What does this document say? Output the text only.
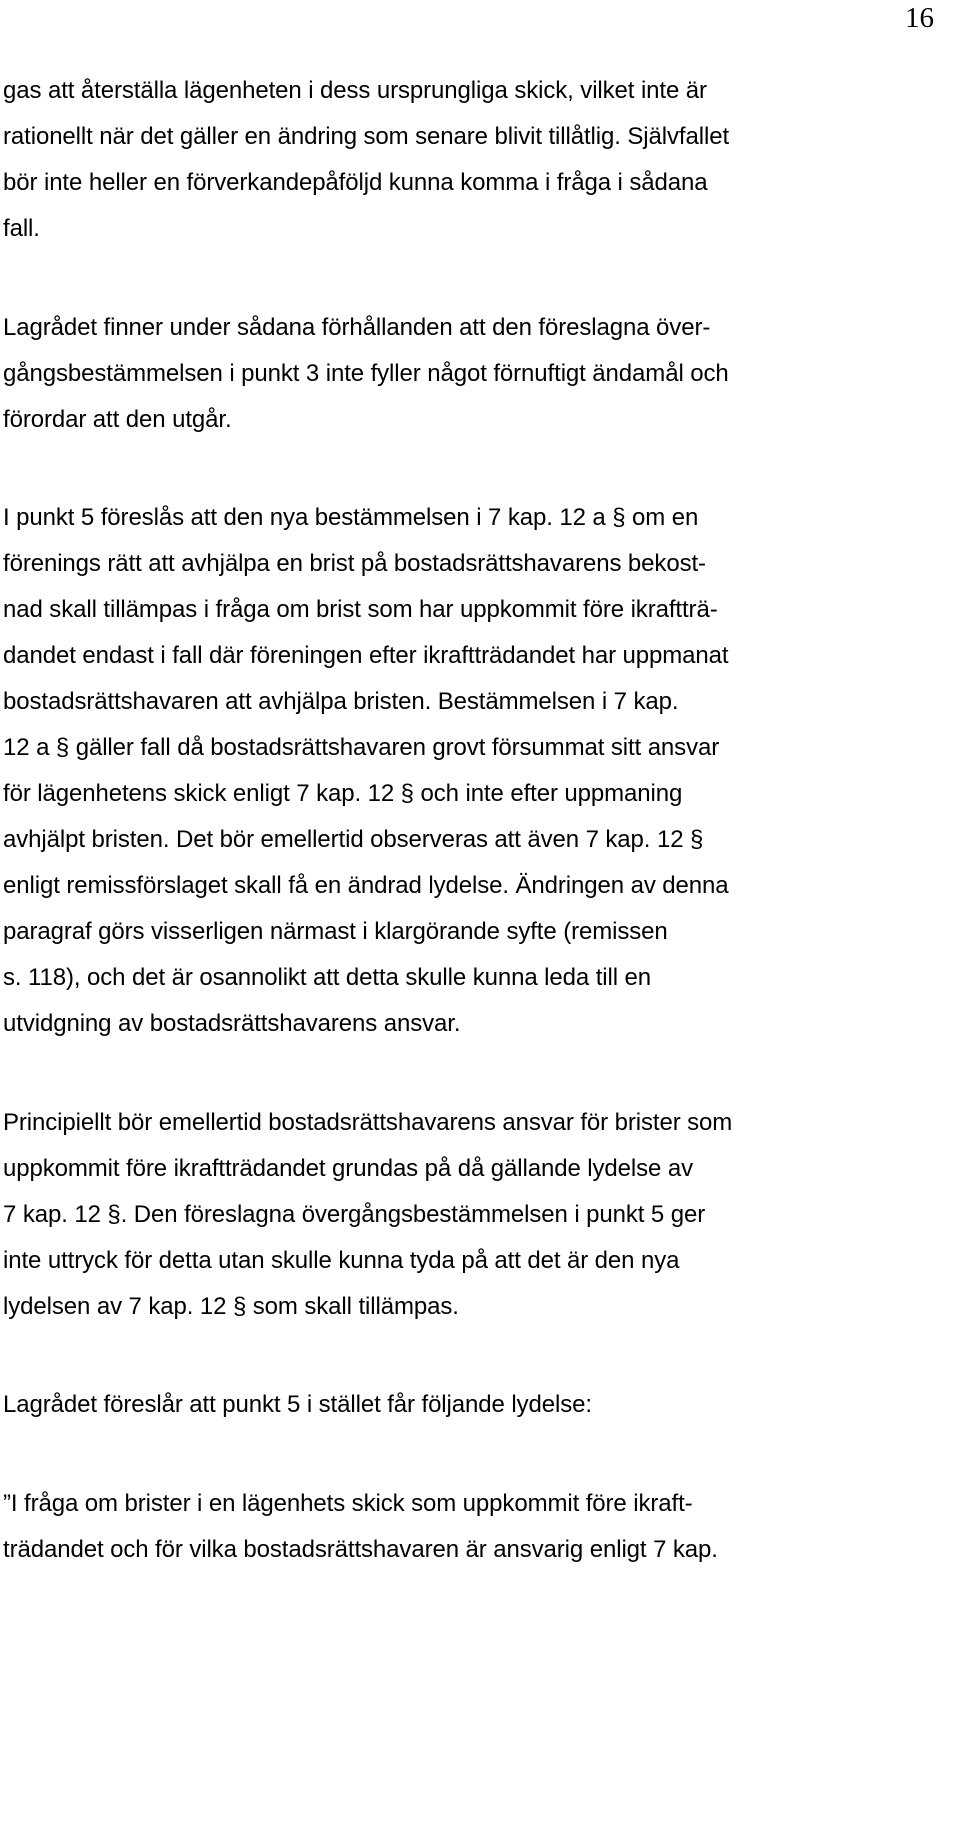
16
gas att återställa lägenheten i dess ursprungliga skick, vilket inte är
rationellt när det gäller en ändring som senare blivit tillåtlig. Självfallet
bör inte heller en förverkandepåföljd kunna komma i fråga i sådana
fall.
Lagrådet finner under sådana förhållanden att den föreslagna över-
gångsbestämmelsen i punkt 3 inte fyller något förnuftigt ändamål och
förordar att den utgår.
I punkt 5 föreslås att den nya bestämmelsen i 7 kap. 12 a § om en
förenings rätt att avhjälpa en brist på bostadsrättshavarens bekost-
nad skall tillämpas i fråga om brist som har uppkommit före ikraftträ-
dandet endast i fall där föreningen efter ikraftträdandet har uppmanat
bostadsrättshavaren att avhjälpa bristen. Bestämmelsen i 7 kap.
12 a § gäller fall då bostadsrättshavaren grovt försummat sitt ansvar
för lägenhetens skick enligt 7 kap. 12 § och inte efter uppmaning
avhjälpt bristen. Det bör emellertid observeras att även 7 kap. 12 §
enligt remissförslaget skall få en ändrad lydelse. Ändringen av denna
paragraf görs visserligen närmast i klargörande syfte (remissen
s. 118), och det är osannolikt att detta skulle kunna leda till en
utvidgning av bostadsrättshavarens ansvar.
Principiellt bör emellertid bostadsrättshavarens ansvar för brister som
uppkommit före ikraftträdandet grundas på då gällande lydelse av
7 kap. 12 §. Den föreslagna övergångsbestämmelsen i punkt 5 ger
inte uttryck för detta utan skulle kunna tyda på att det är den nya
lydelsen av 7 kap. 12 § som skall tillämpas.
Lagrådet föreslår att punkt 5 i stället får följande lydelse:
”I fråga om brister i en lägenhets skick som uppkommit före ikraft-
trädandet och för vilka bostadsrättshavaren är ansvarig enligt 7 kap.
